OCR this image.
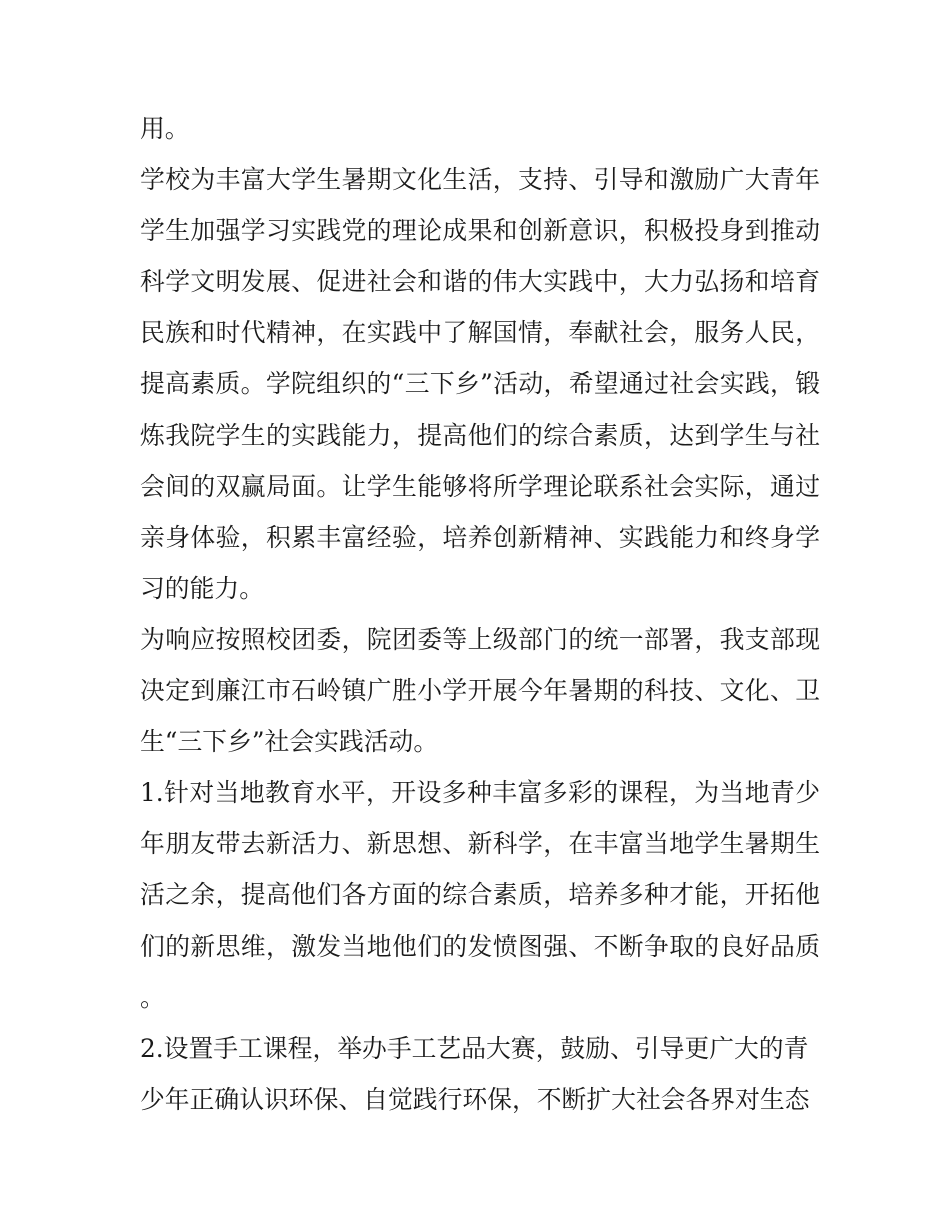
用。

学校为丰富大学生暑期文化生活，支持、引导和激励广大青年学生加强学习实践党的理论成果和创新意识，积极投身到推动科学文明发展、促进社会和谐的伟大实践中，大力弘扬和培育民族和时代精神，在实践中了解国情，奉献社会，服务人民，提高素质。学院组织的“三下乡”活动，希望通过社会实践，锻炼我院学生的实践能力，提高他们的综合素质，达到学生与社会间的双赢局面。让学生能够将所学理论联系社会实际，通过亲身体验，积累丰富经验，培养创新精神、实践能力和终身学习的能力。

为响应按照校团委，院团委等上级部门的统一部署，我支部现决定到廉江市石岭镇广胜小学开展今年暑期的科技、文化、卫生“三下乡”社会实践活动。

1.针对当地教育水平，开设多种丰富多彩的课程，为当地青少年朋友带去新活力、新思想、新科学，在丰富当地学生暑期生活之余，提高他们各方面的综合素质，培养多种才能，开拓他们的新思维，激发当地他们的发愤图强、不断争取的良好品质。

2.设置手工课程，举办手工艺品大赛，鼓励、引导更广大的青少年正确认识环保、自觉践行环保，不断扩大社会各界对生态
